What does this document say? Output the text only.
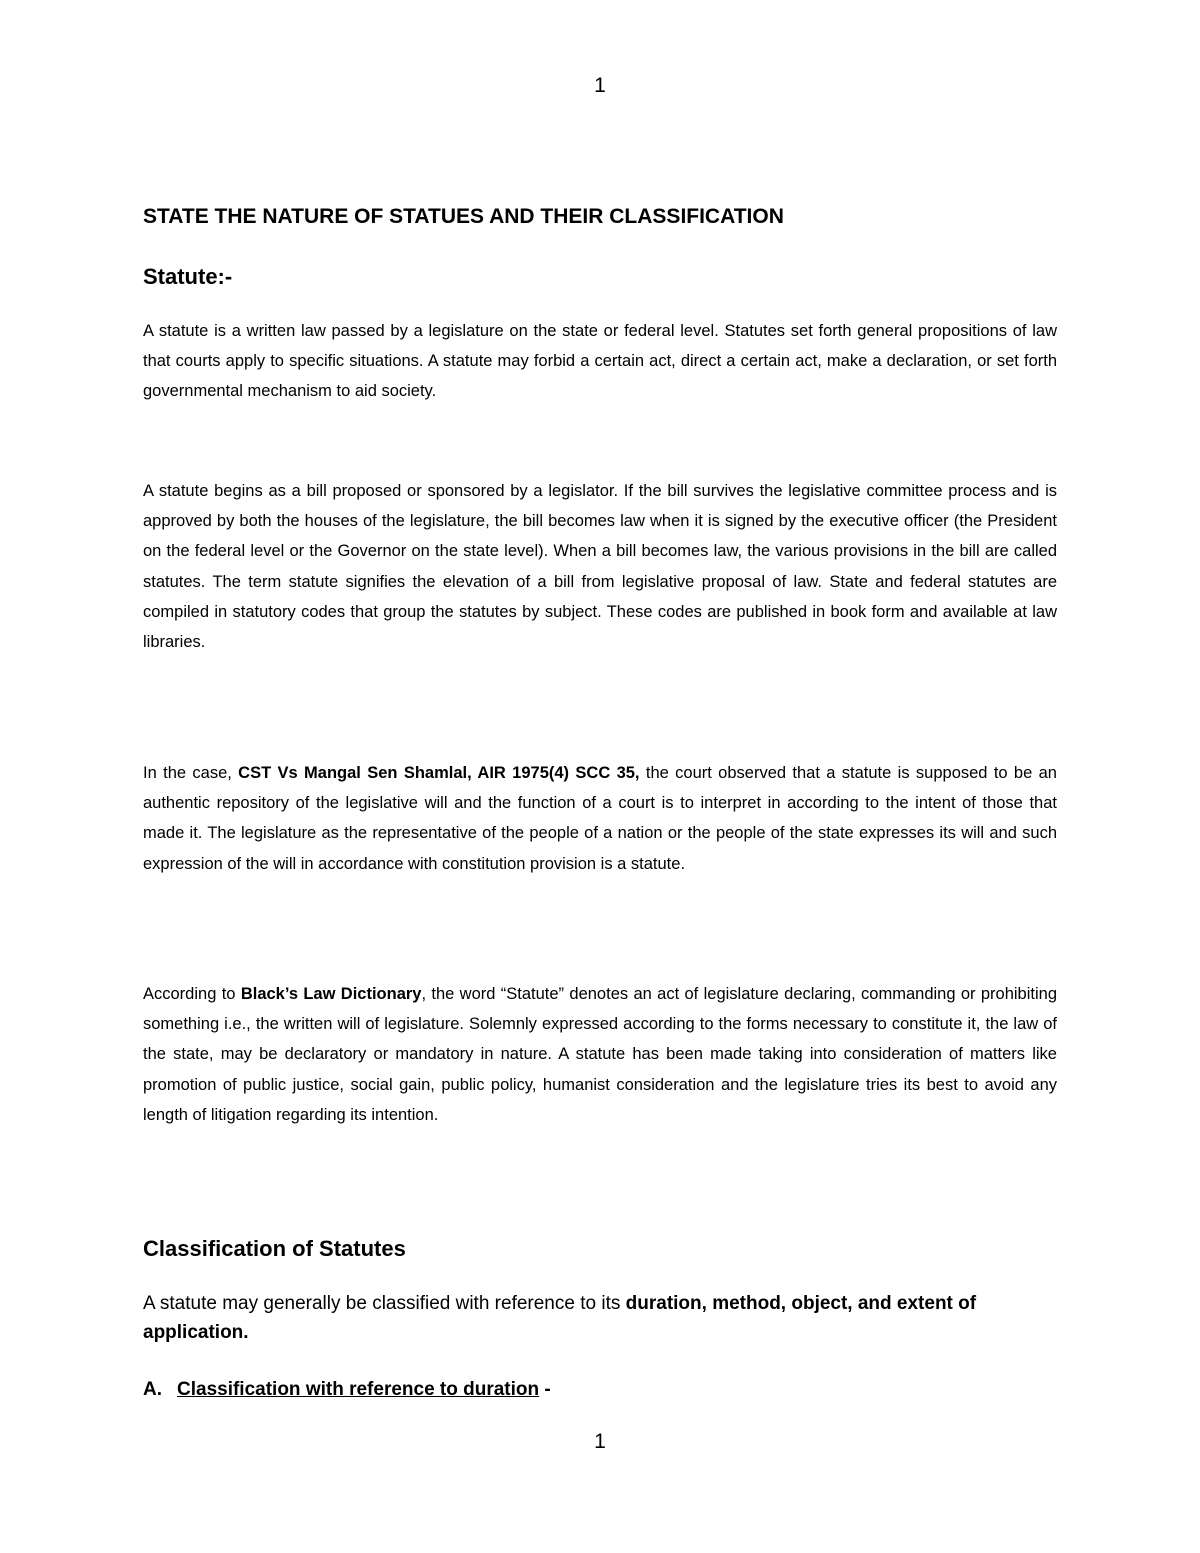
1
STATE THE NATURE OF STATUES AND THEIR CLASSIFICATION
Statute:-

A statute is a written law passed by a legislature on the state or federal level. Statutes set forth general propositions of law that courts apply to specific situations. A statute may forbid a certain act, direct a certain act, make a declaration, or set forth governmental mechanism to aid society.

A statute begins as a bill proposed or sponsored by a legislator. If the bill survives the legislative committee process and is approved by both the houses of the legislature, the bill becomes law when it is signed by the executive officer (the President on the federal level or the Governor on the state level). When a bill becomes law, the various provisions in the bill are called statutes. The term statute signifies the elevation of a bill from legislative proposal of law. State and federal statutes are compiled in statutory codes that group the statutes by subject. These codes are published in book form and available at law libraries.

In the case, CST Vs Mangal Sen Shamlal, AIR 1975(4) SCC 35, the court observed that a statute is supposed to be an authentic repository of the legislative will and the function of a court is to interpret in according to the intent of those that made it. The legislature as the representative of the people of a nation or the people of the state expresses its will and such expression of the will in accordance with constitution provision is a statute.

According to Black’s Law Dictionary, the word “Statute” denotes an act of legislature declaring, commanding or prohibiting something i.e., the written will of legislature. Solemnly expressed according to the forms necessary to constitute it, the law of the state, may be declaratory or mandatory in nature. A statute has been made taking into consideration of matters like promotion of public justice, social gain, public policy, humanist consideration and the legislature tries its best to avoid any length of litigation regarding its intention.

Classification of Statutes

A statute may generally be classified with reference to its duration, method, object, and extent of application.

A. Classification with reference to duration -

1
